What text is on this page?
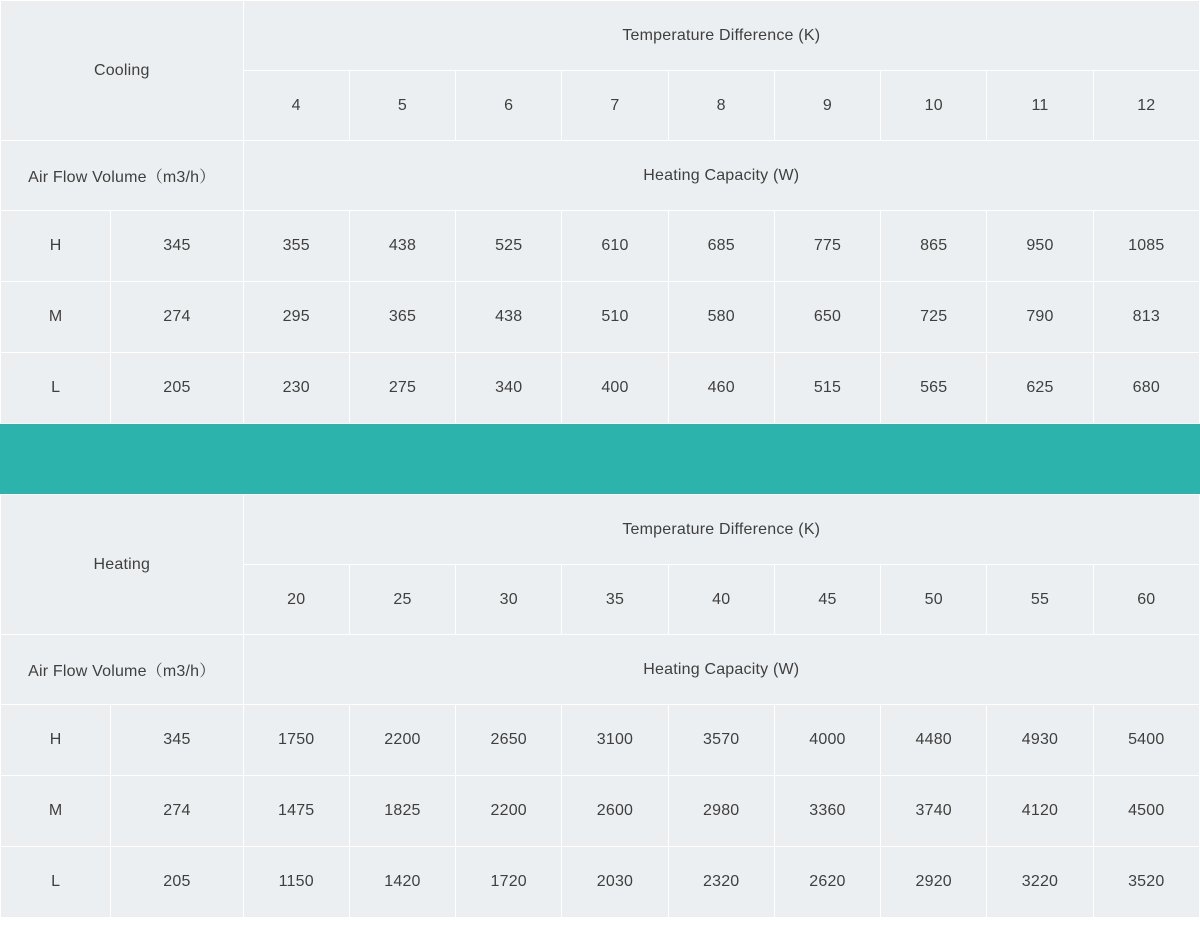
Cooling		Temperature Difference (K)								
		4	5	6	7	8	9	10	11	12
Air Flow Volume（m3/h）		Heating Capacity (W)								
H	345	355	438	525	610	685	775	865	950	1085
M	274	295	365	438	510	580	650	725	790	813
L	205	230	275	340	400	460	515	565	625	680
Heating		Temperature Difference (K)								
		20	25	30	35	40	45	50	55	60
Air Flow Volume（m3/h）		Heating Capacity (W)								
H	345	1750	2200	2650	3100	3570	4000	4480	4930	5400
M	274	1475	1825	2200	2600	2980	3360	3740	4120	4500
L	205	1150	1420	1720	2030	2320	2620	2920	3220	3520
